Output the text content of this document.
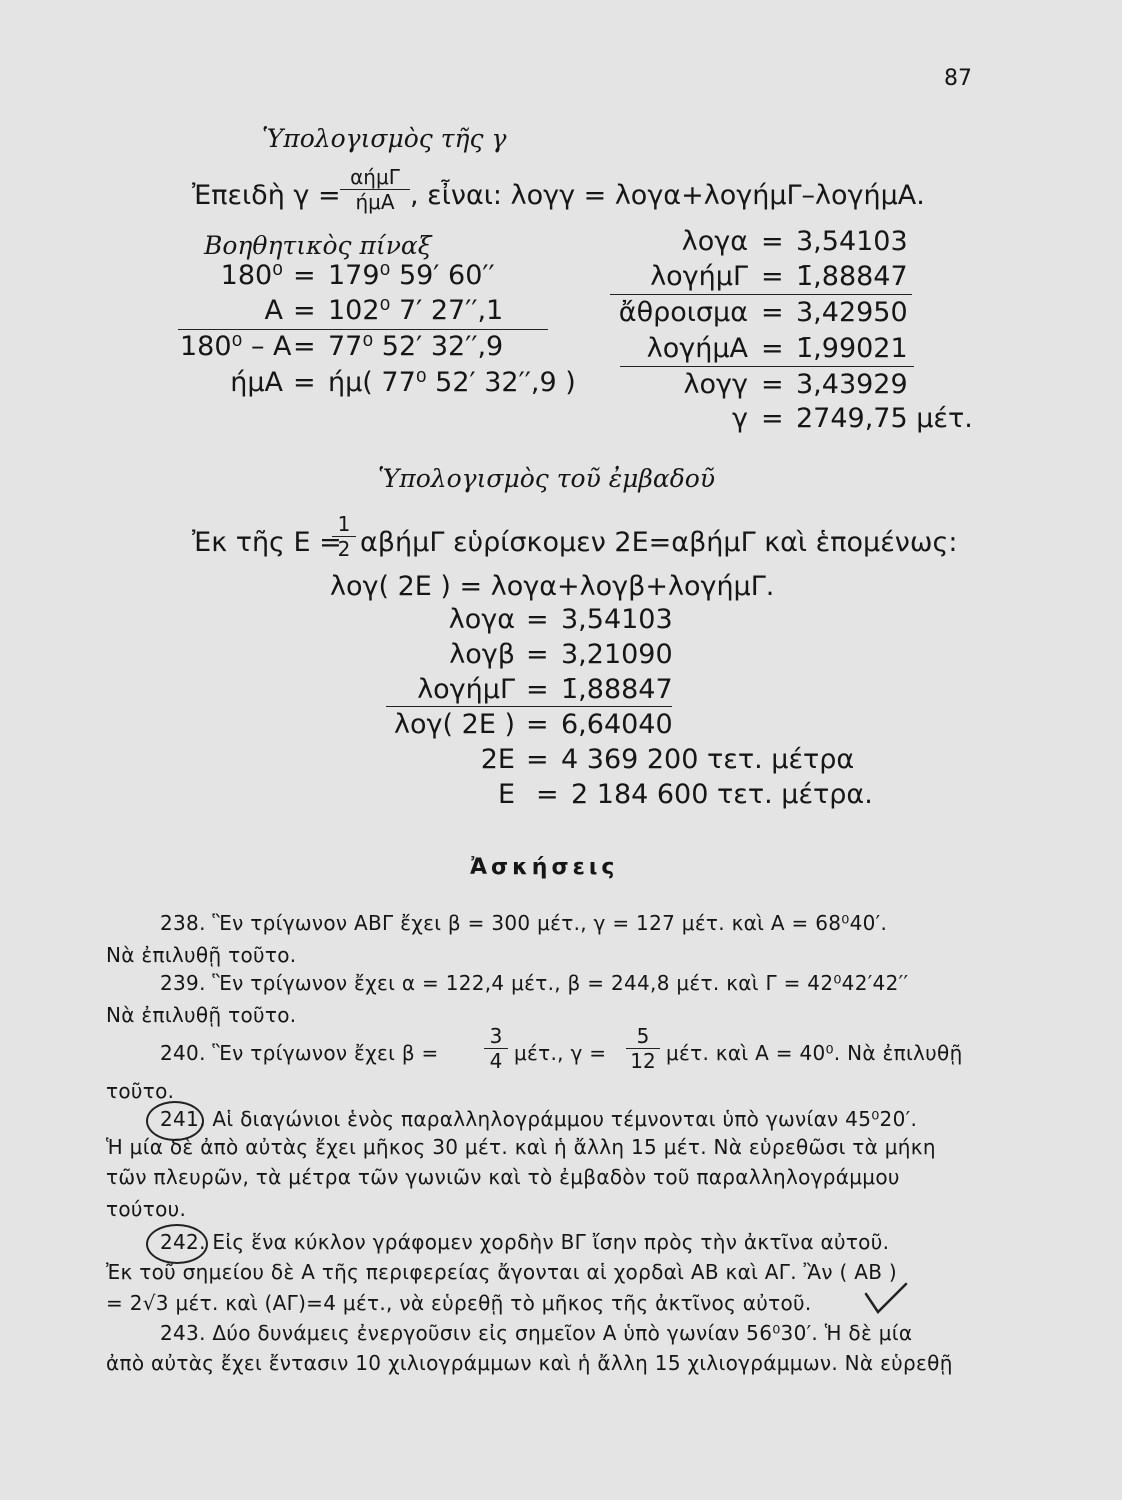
87
Ὑπολογισμὸς τῆς γ
Ἐπειδὴ γ =
αήμΓ
ήμΑ , εἶναι: λογγ = λογα+λογήμΓ–λογήμΑ.
Βοηθητικὸς πίναξ
180⁰ = 179⁰ 59′ 60′′
Α = 102⁰ 7′ 27′′,1
180⁰ – Α = 77⁰ 52′ 32′′,9
ήμΑ = ήμ( 77⁰ 52′ 32′′,9 )
λογα = 3,54103
λογήμΓ = 1̄,88847
ἄθροισμα = 3,42950
λογήμΑ = 1̄,99021
λογγ = 3,43929
γ = 2749,75 μέτ.
Ὑπολογισμὸς τοῦ ἐμβαδοῦ
Ἐκ τῆς Ε =
1
2 αβήμΓ εὑρίσκομεν 2Ε=αβήμΓ καὶ ἑπομένως:
λογ( 2Ε ) = λογα+λογβ+λογήμΓ.
λογα = 3,54103
λογβ = 3,21090
λογήμΓ = 1̄,88847
λογ( 2Ε ) = 6,64040
2Ε = 4 369 200 τετ. μέτρα
Ε = 2 184 600 τετ. μέτρα.
Ἀσκήσεις
238. Ἓν τρίγωνον ΑΒΓ ἔχει β = 300 μέτ., γ = 127 μέτ. καὶ Α = 68⁰40′.
Νὰ ἐπιλυθῇ τοῦτο.
239. Ἓν τρίγωνον ἔχει α = 122,4 μέτ., β = 244,8 μέτ. καὶ Γ = 42⁰42′42′′
Νὰ ἐπιλυθῇ τοῦτο.
240. Ἓν τρίγωνον ἔχει β =
3
4 μέτ., γ =
5
12 μέτ. καὶ Α = 40⁰. Νὰ ἐπιλυθῇ
τοῦτο.
241. Αἱ διαγώνιοι ἑνὸς παραλληλογράμμου τέμνονται ὑπὸ γωνίαν 45⁰20′.
Ἡ μία δὲ ἀπὸ αὐτὰς ἔχει μῆκος 30 μέτ. καὶ ἡ ἄλλη 15 μέτ. Νὰ εὑρεθῶσι τὰ μήκη
τῶν πλευρῶν, τὰ μέτρα τῶν γωνιῶν καὶ τὸ ἐμβαδὸν τοῦ παραλληλογράμμου
τούτου.
242. Εἰς ἕνα κύκλον γράφομεν χορδὴν ΒΓ ἴσην πρὸς τὴν ἀκτῖνα αὐτοῦ.
Ἐκ τοῦ σημείου δὲ Α τῆς περιφερείας ἄγονται αἱ χορδαὶ ΑΒ καὶ ΑΓ. Ἂν ( ΑΒ )
= 2√3 μέτ. καὶ (ΑΓ)=4 μέτ., νὰ εὑρεθῇ τὸ μῆκος τῆς ἀκτῖνος αὐτοῦ.
243. Δύο δυνάμεις ἐνεργοῦσιν εἰς σημεῖον Α ὑπὸ γωνίαν 56⁰30′. Ἡ δὲ μία
ἀπὸ αὐτὰς ἔχει ἔντασιν 10 χιλιογράμμων καὶ ἡ ἄλλη 15 χιλιογράμμων. Νὰ εὑρεθῇ
